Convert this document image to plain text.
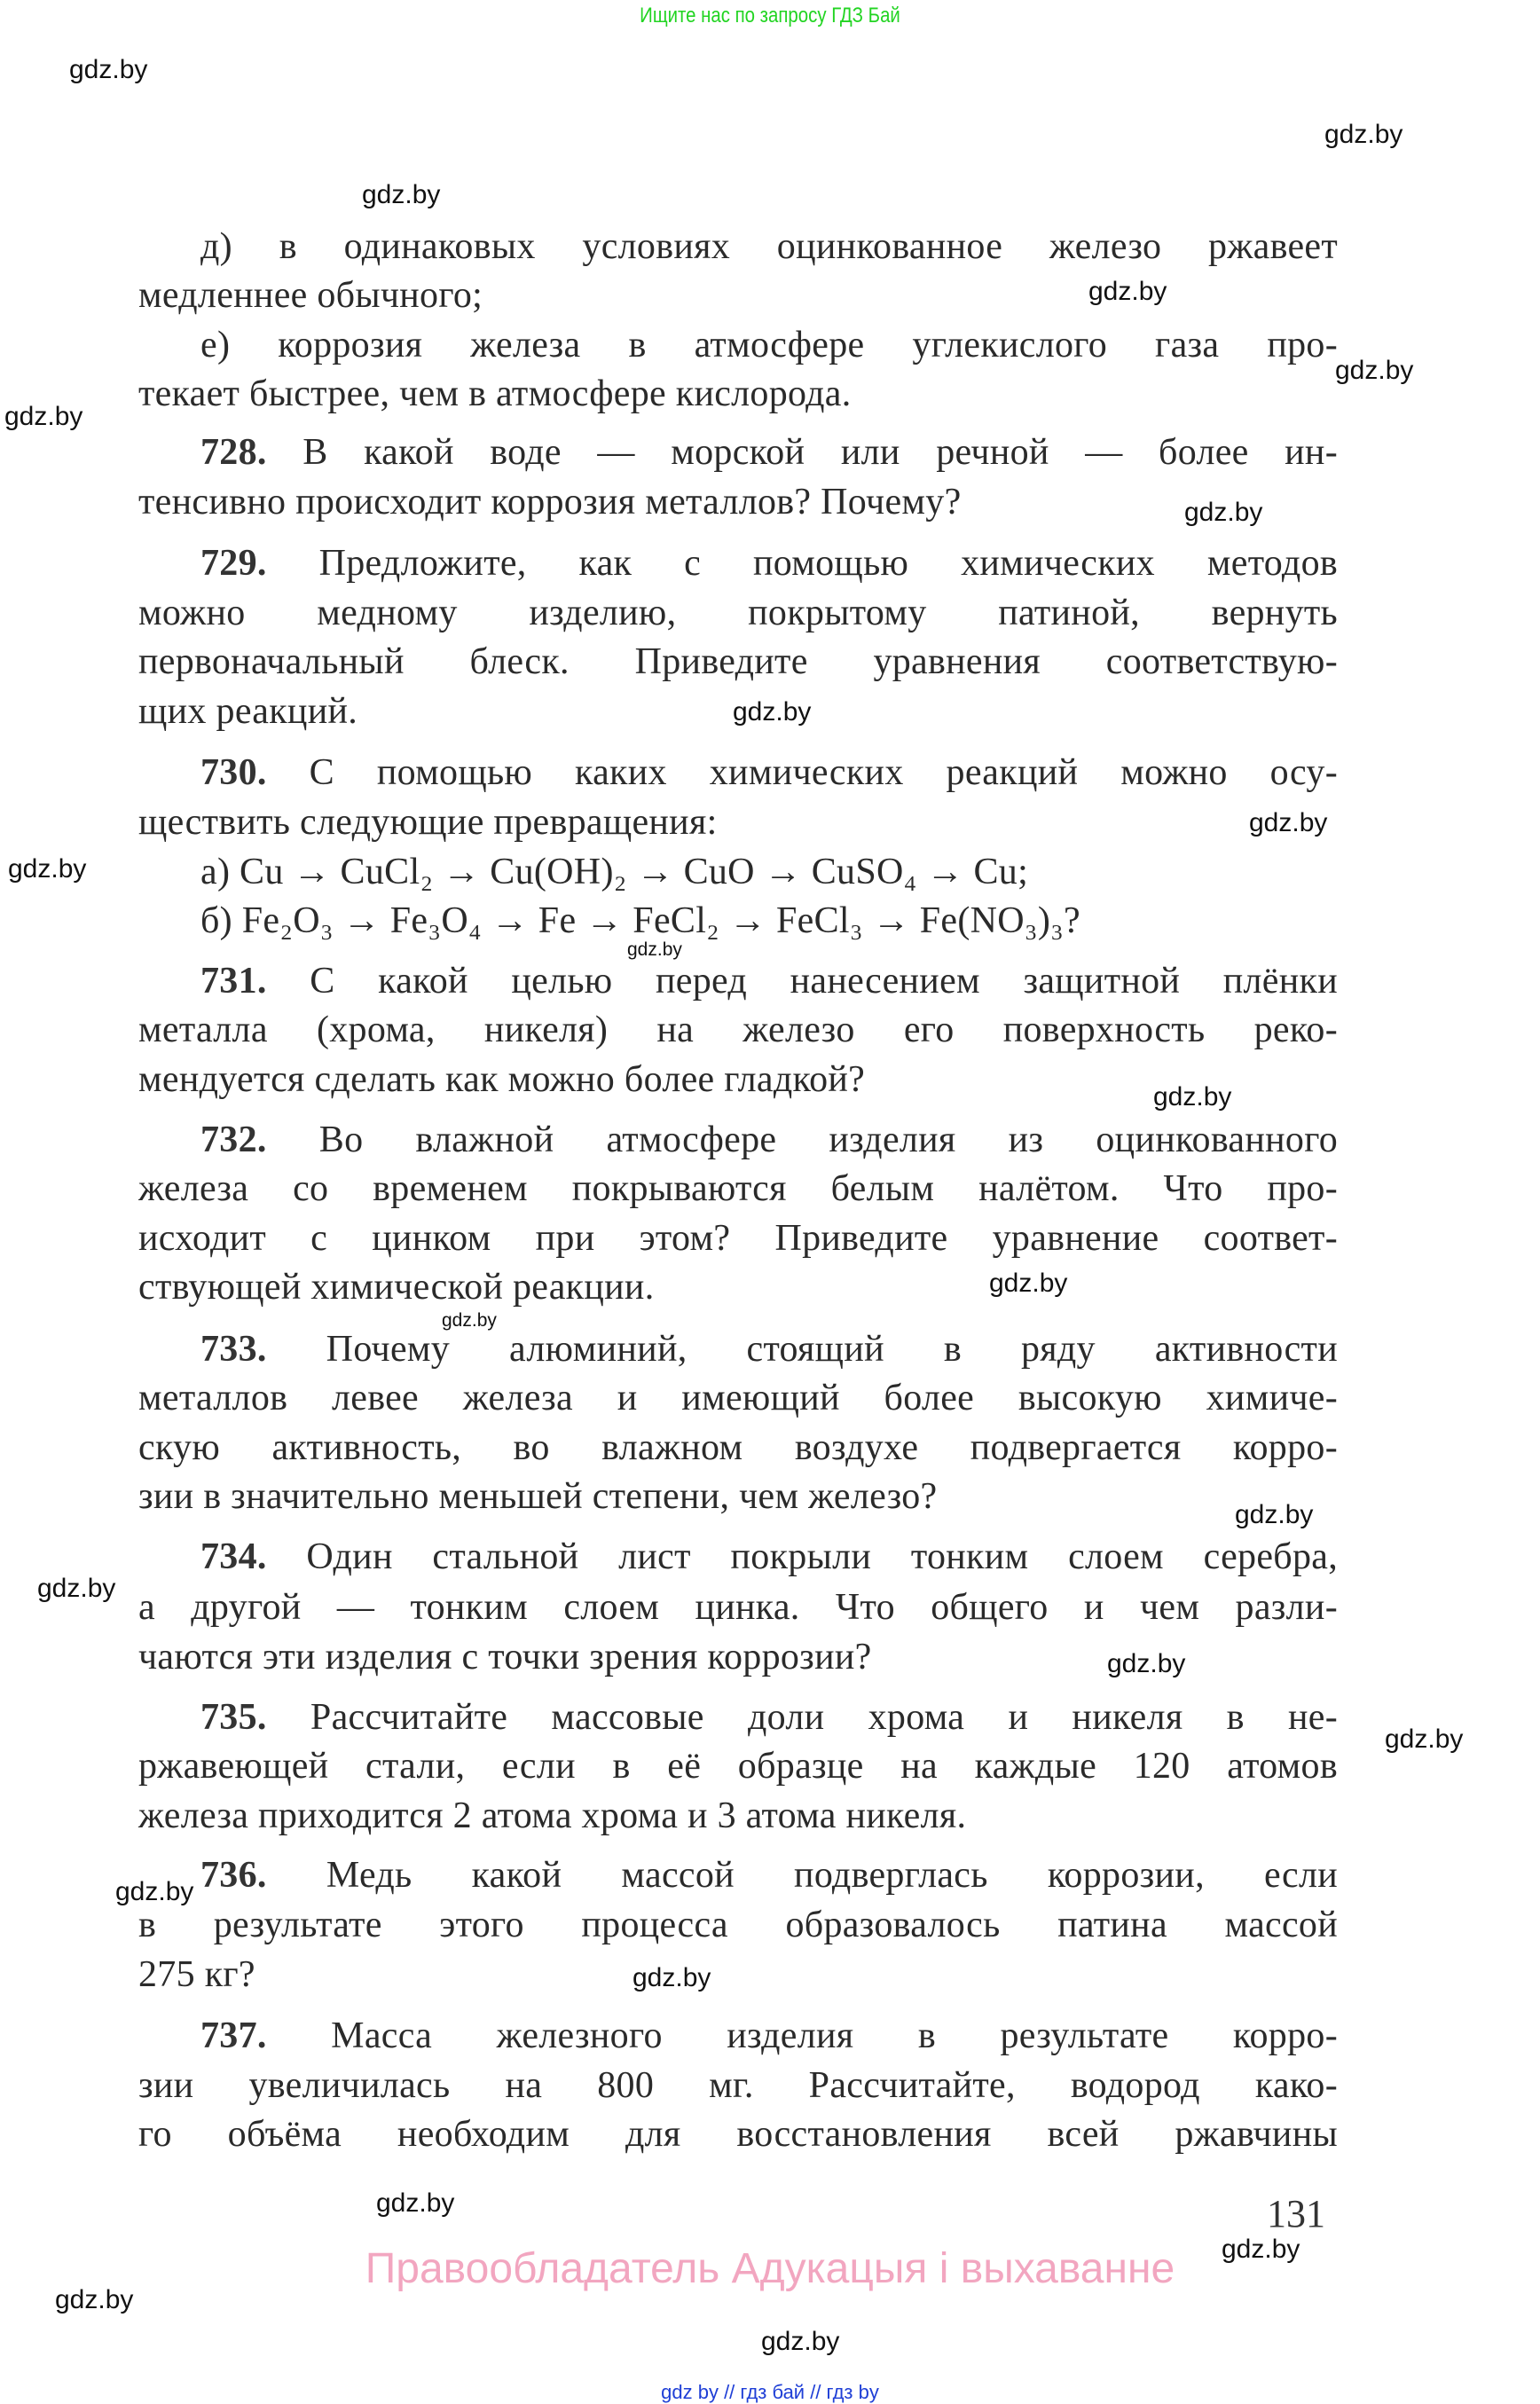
Ищите нас по запросу ГДЗ Бай
д) в одинаковых условиях оцинкованное железо ржавеет
медленнее обычного;
е) коррозия железа в атмосфере углекислого газа про-
текает быстрее, чем в атмосфере кислорода.
728. В какой воде — морской или речной — более ин-
тенсивно происходит коррозия металлов? Почему?
729. Предложите, как с помощью химических методов
можно медному изделию, покрытому патиной, вернуть
первоначальный блеск. Приведите уравнения соответствую-
щих реакций.
730. С помощью каких химических реакций можно осу-
ществить следующие превращения:
а) Cu → CuCl₂ → Cu(OH)₂ → CuO → CuSO₄ → Cu;
б) Fe₂O₃ → Fe₃O₄ → Fe → FeCl₂ → FeCl₃ → Fe(NO₃)₃?
731. С какой целью перед нанесением защитной плёнки
металла (хрома, никеля) на железо его поверхность реко-
мендуется сделать как можно более гладкой?
732. Во влажной атмосфере изделия из оцинкованного
железа со временем покрываются белым налётом. Что про-
исходит с цинком при этом? Приведите уравнение соответ-
ствующей химической реакции.
733. Почему алюминий, стоящий в ряду активности
металлов левее железа и имеющий более высокую химиче-
скую активность, во влажном воздухе подвергается корро-
зии в значительно меньшей степени, чем железо?
734. Один стальной лист покрыли тонким слоем серебра,
а другой — тонким слоем цинка. Что общего и чем разли-
чаются эти изделия с точки зрения коррозии?
735. Рассчитайте массовые доли хрома и никеля в не-
ржавеющей стали, если в её образце на каждые 120 атомов
железа приходится 2 атома хрома и 3 атома никеля.
736. Медь какой массой подверглась коррозии, если
в результате этого процесса образовалось патина массой
275 кг?
737. Масса железного изделия в результате корро-
зии увеличилась на 800 мг. Рассчитайте, водород како-
го объёма необходим для восстановления всей ржавчины
gdz.by
gdz.by
gdz.by
gdz.by
gdz.by
gdz.by
gdz.by
gdz.by
gdz.by
gdz.by
gdz.by
gdz.by
gdz.by
gdz.by
gdz.by
gdz.by
gdz.by
gdz.by
gdz.by
gdz.by
gdz.by
gdz.by
gdz.by
gdz.by
131
Правообладатель Адукацыя і выхаванне
gdz by // гдз бай // гдз by
